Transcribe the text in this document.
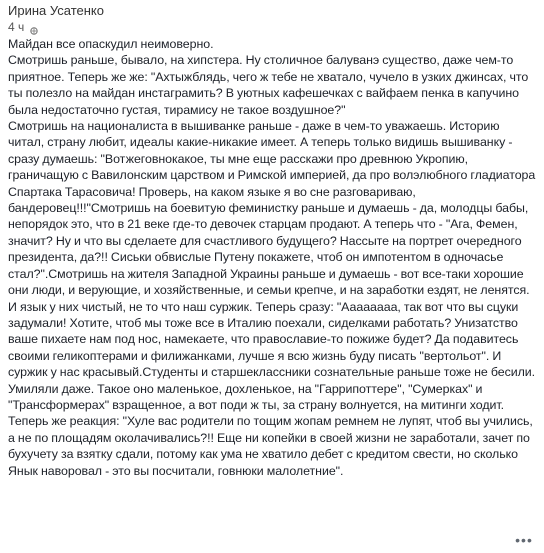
Ирина Усатенко
4 ч
Майдан все опаскудил неимоверно.
Смотришь раньше, бывало, на хипстера. Ну столичное балуванэ существо, даже чем-то приятное. Теперь же же: "Ахтыжблядь, чего ж тебе не хватало, чучело в узких джинсах, что ты полезло на майдан инстаграмить? В уютных кафешечках с вайфаем пенка в капучино была недостаточно густая, тирамису не такое воздушное?"
Смотришь на националиста в вышиванке раньше - даже в чем-то уважаешь. Историю читал, страну любит, идеалы какие-никакие имеет. А теперь только видишь вышиванку - сразу думаешь: "Вотжеговнокакое, ты мне еще расскажи про древнюю Укропию, граничащую с Вавилонским царством и Римской империей, да про волэлюбного гладиатора Спартака Тарасовича! Проверь, на каком языке я во сне разговариваю, бандеровец!!!"Смотришь на боевитую феминистку раньше и думаешь - да, молодцы бабы, непорядок это, что в 21 веке где-то девочек старцам продают. А теперь что - "Ага, Фемен, значит? Ну и что вы сделаете для счастливого будущего? Нассыте на портрет очередного президента, да?!! Сиськи обвислые Путену покажете, чтоб он импотентом в одночасье стал?".Смотришь на жителя Западной Украины раньше и думаешь - вот все-таки хорошие они люди, и верующие, и хозяйственные, и семьи крепче, и на заработки ездят, не ленятся. И язык у них чистый, не то что наш суржик. Теперь сразу: "Аааааааа, так вот что вы сцуки задумали! Хотите, чтоб мы тоже все в Италию поехали, сиделками работать? Унизатство ваше пихаете нам под нос, намекаете, что православие-то пожиже будет? Да подавитесь своими геликоптерами и филижанками, лучше я всю жизнь буду писать "вертольот". И суржик у нас красывый.Студенты и старшеклассники сознательные раньше тоже не бесили. Умиляли даже. Такое оно маленькое, дохленькое, на "Гаррипоттере", "Сумерках" и "Трансформерах" взращенное, а вот поди ж ты, за страну волнуется, на митинги ходит. Теперь же реакция: "Хуле вас родители по тощим жопам ремнем не лупят, чтоб вы учились, а не по площадям околачивались?!! Еще ни копейки в своей жизни не заработали, зачет по бухучету за взятку сдали, потому как ума не хватило дебет с кредитом свести, но сколько Янык наворовал - это вы посчитали, говнюки малолетние".
•••
